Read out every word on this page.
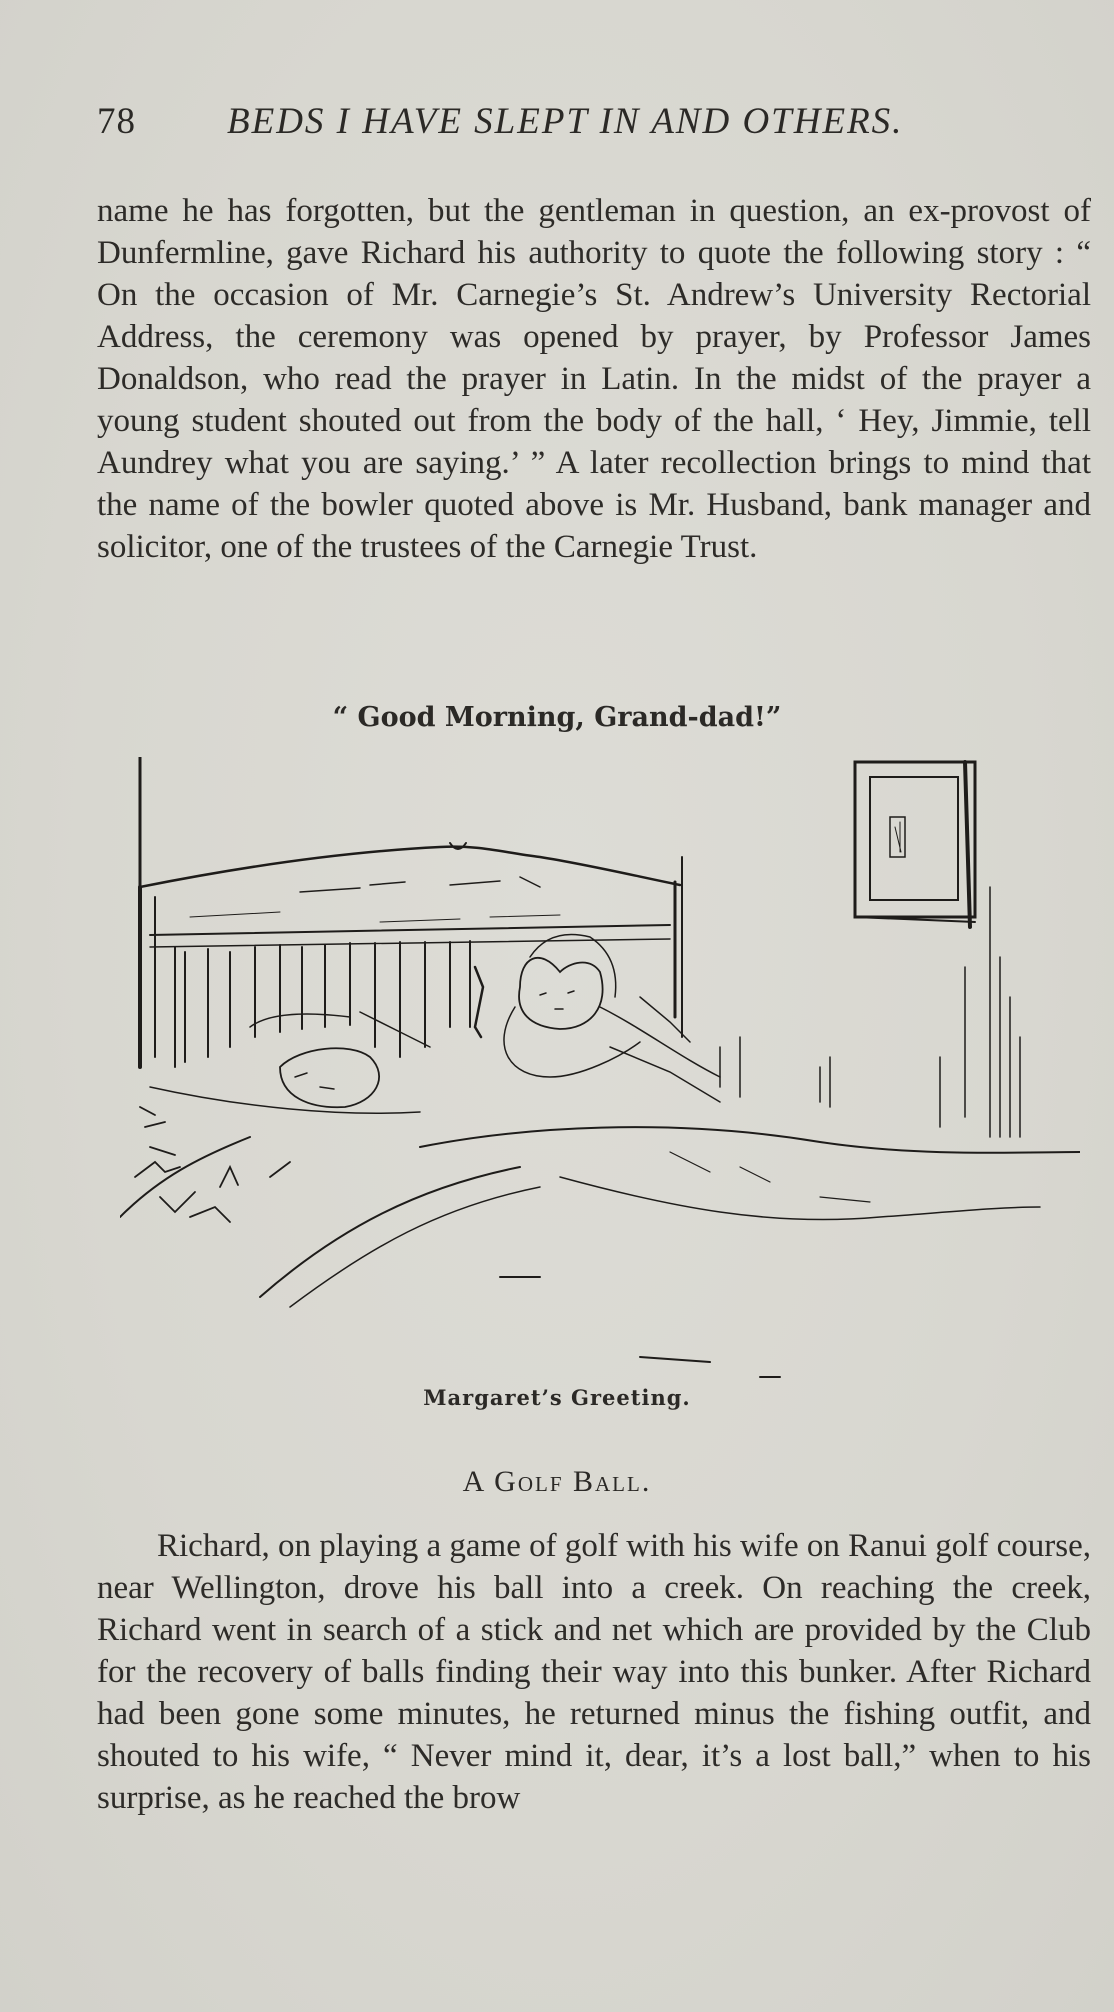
78 BEDS I HAVE SLEPT IN AND OTHERS.

name he has forgotten, but the gentleman in question, an ex-provost of Dunfermline, gave Richard his authority to quote the following story : “ On the occasion of Mr. Carnegie’s St. Andrew’s University Rectorial Address, the ceremony was opened by prayer, by Professor James Donaldson, who read the prayer in Latin. In the midst of the prayer a young student shouted out from the body of the hall, ‘ Hey, Jimmie, tell Aundrey what you are saying.’ ” A later recollection brings to mind that the name of the bowler quoted above is Mr. Husband, bank manager and solicitor, one of the trustees of the Carnegie Trust.

“ Good Morning, Grand-dad!”
Margaret’s Greeting.
A Golf Ball.

Richard, on playing a game of golf with his wife on Ranui golf course, near Wellington, drove his ball into a creek. On reaching the creek, Richard went in search of a stick and net which are provided by the Club for the recovery of balls finding their way into this bunker. After Richard had been gone some minutes, he returned minus the fishing outfit, and shouted to his wife, “ Never mind it, dear, it’s a lost ball,” when to his surprise, as he reached the brow
